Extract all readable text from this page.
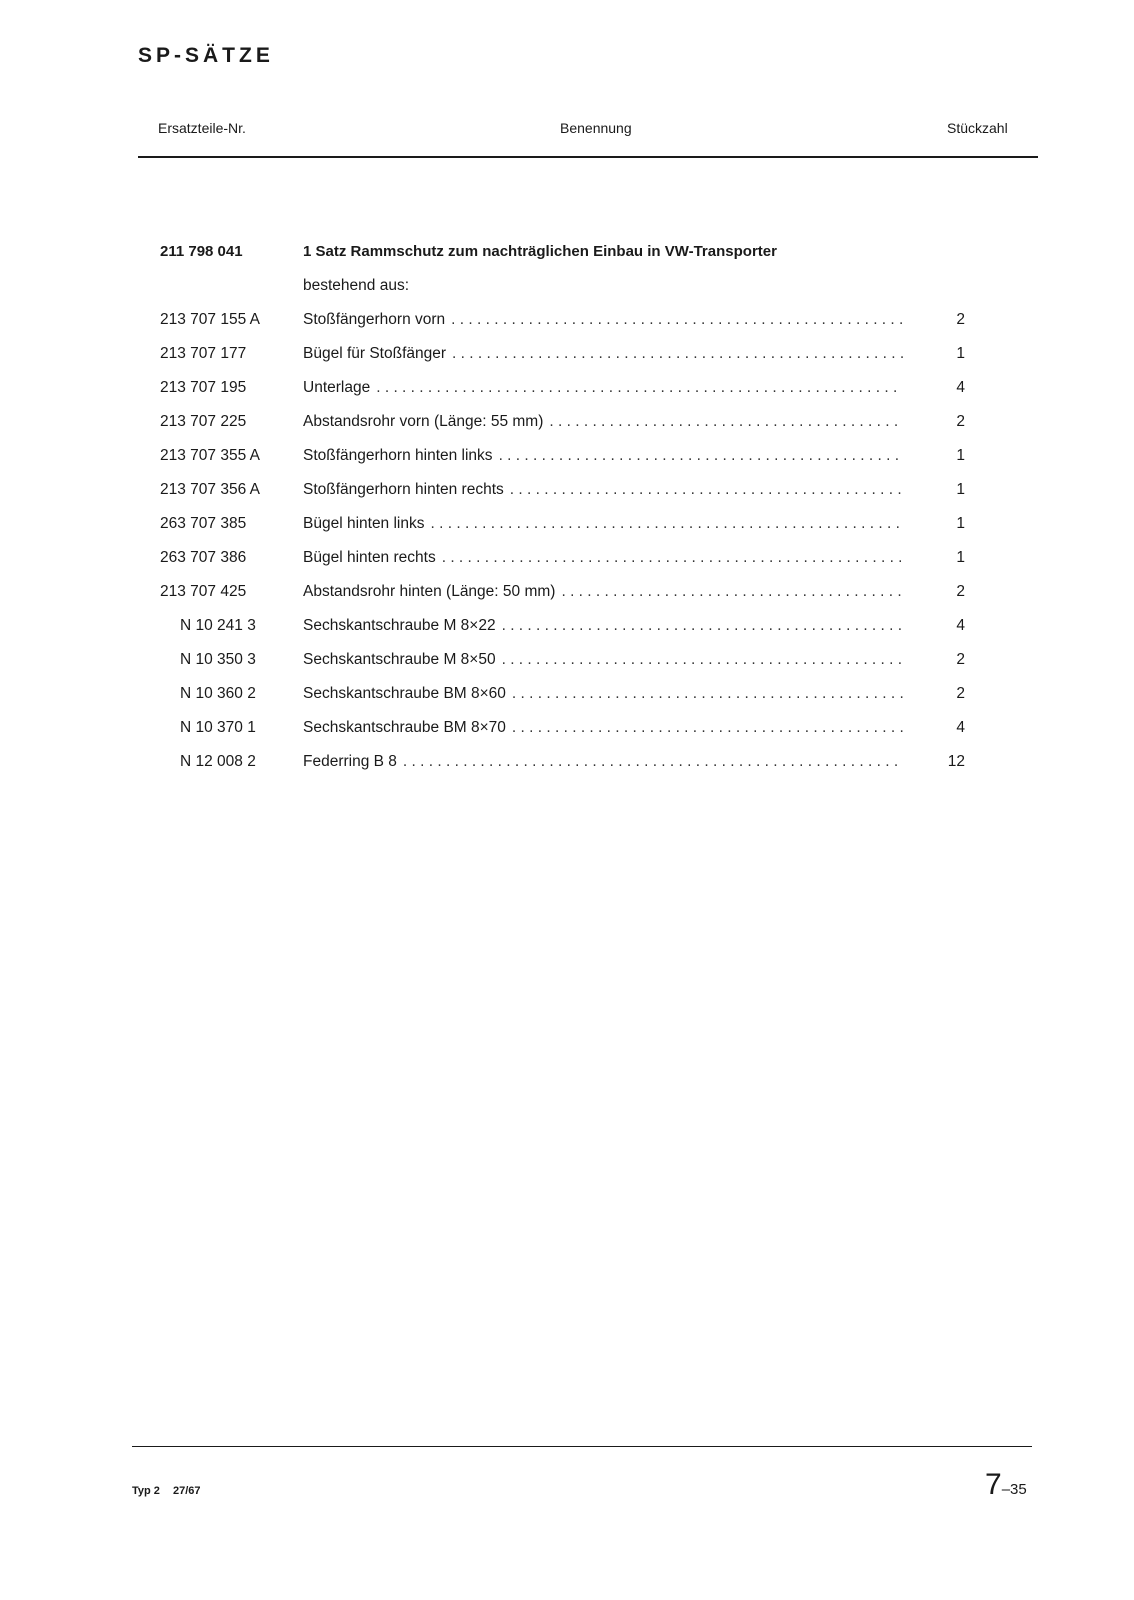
SP-SÄTZE
Ersatzteile-Nr.	Benennung	Stückzahl
211 798 041	1 Satz Rammschutz zum nachträglichen Einbau in VW-Transporter
bestehend aus:
213 707 155 A	Stoßfängerhorn vorn . . .	2
213 707 177	Bügel für Stoßfänger . . .	1
213 707 195	Unterlage . . .	4
213 707 225	Abstandsrohr vorn (Länge: 55 mm) . . .	2
213 707 355 A	Stoßfängerhorn hinten links . . .	1
213 707 356 A	Stoßfängerhorn hinten rechts . . .	1
263 707 385	Bügel hinten links . . .	1
263 707 386	Bügel hinten rechts . . .	1
213 707 425	Abstandsrohr hinten (Länge: 50 mm) . . .	2
N 10 241 3	Sechskantschraube M 8×22 . . .	4
N 10 350 3	Sechskantschraube M 8×50 . . .	2
N 10 360 2	Sechskantschraube BM 8×60 . . .	2
N 10 370 1	Sechskantschraube BM 8×70 . . .	4
N 12 008 2	Federring B 8 . . .	12
Typ 2 27/67	7–35
